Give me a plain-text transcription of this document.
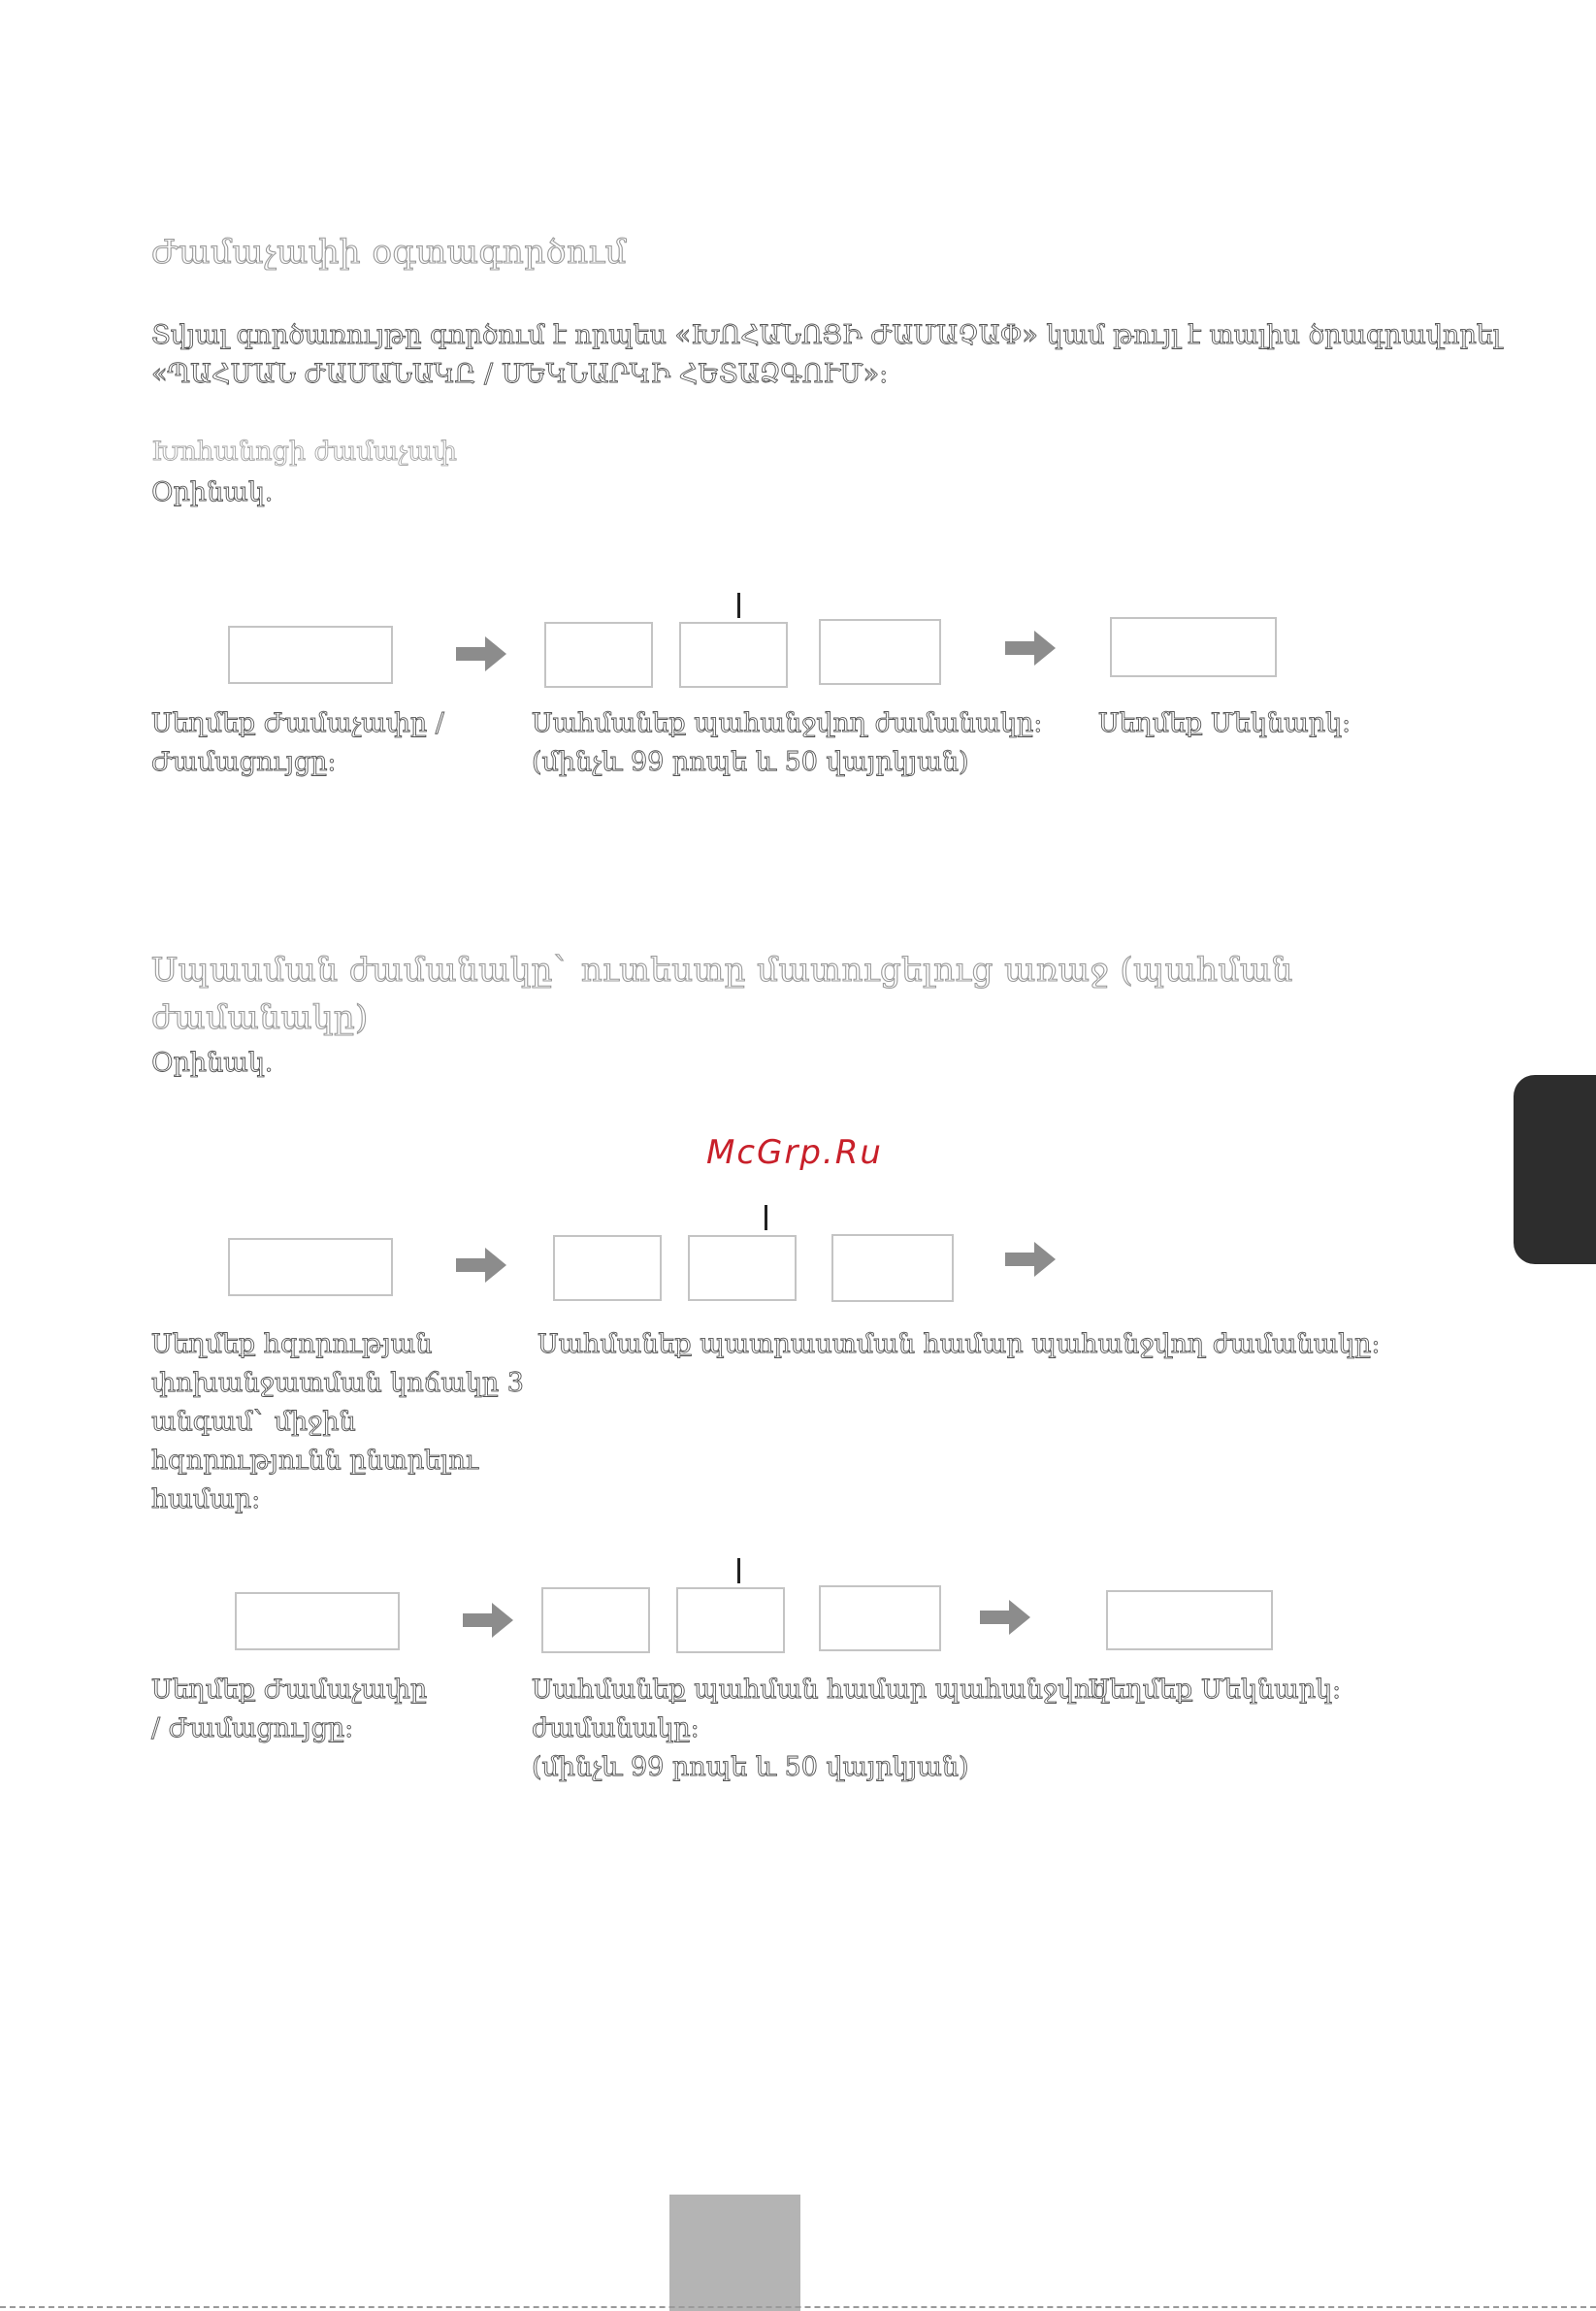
Ժամաչափի օգտագործում
Տվյալ գործառույթը գործում է որպես «ԽՈՀԱՆՈՑԻ ԺԱՄԱՉԱՓ» կամ թույլ է տալիս ծրագրավորել
«ՊԱՀՄԱՆ ԺԱՄԱՆԱԿԸ / ՄԵԿՆԱՐԿԻ ՀԵՏԱՁԳՈՒՄ»:
Խոհանոցի ժամաչափ
Օրինակ.
Սեղմեք Ժամաչափը /
Ժամացույցը:
Սահմանեք պահանջվող ժամանակը:
(մինչև 99 րոպե և 50 վայրկյան)
Սեղմեք Մեկնարկ:
Սպասման ժամանակը` ուտեստը մատուցելուց առաջ (պահման
ժամանակը)
Օրինակ.
McGrp.Ru
Սեղմեք հզորության
փոխանջատման կոճակը 3
անգամ` միջին
հզորությունն ընտրելու
համար:
Սահմանեք պատրաստման համար պահանջվող ժամանակը:
Սեղմեք Ժամաչափը
/ Ժամացույցը:
Սահմանեք պահման համար պահանջվող
ժամանակը:
(մինչև 99 րոպե և 50 վայրկյան)
Սեղմեք Մեկնարկ:
